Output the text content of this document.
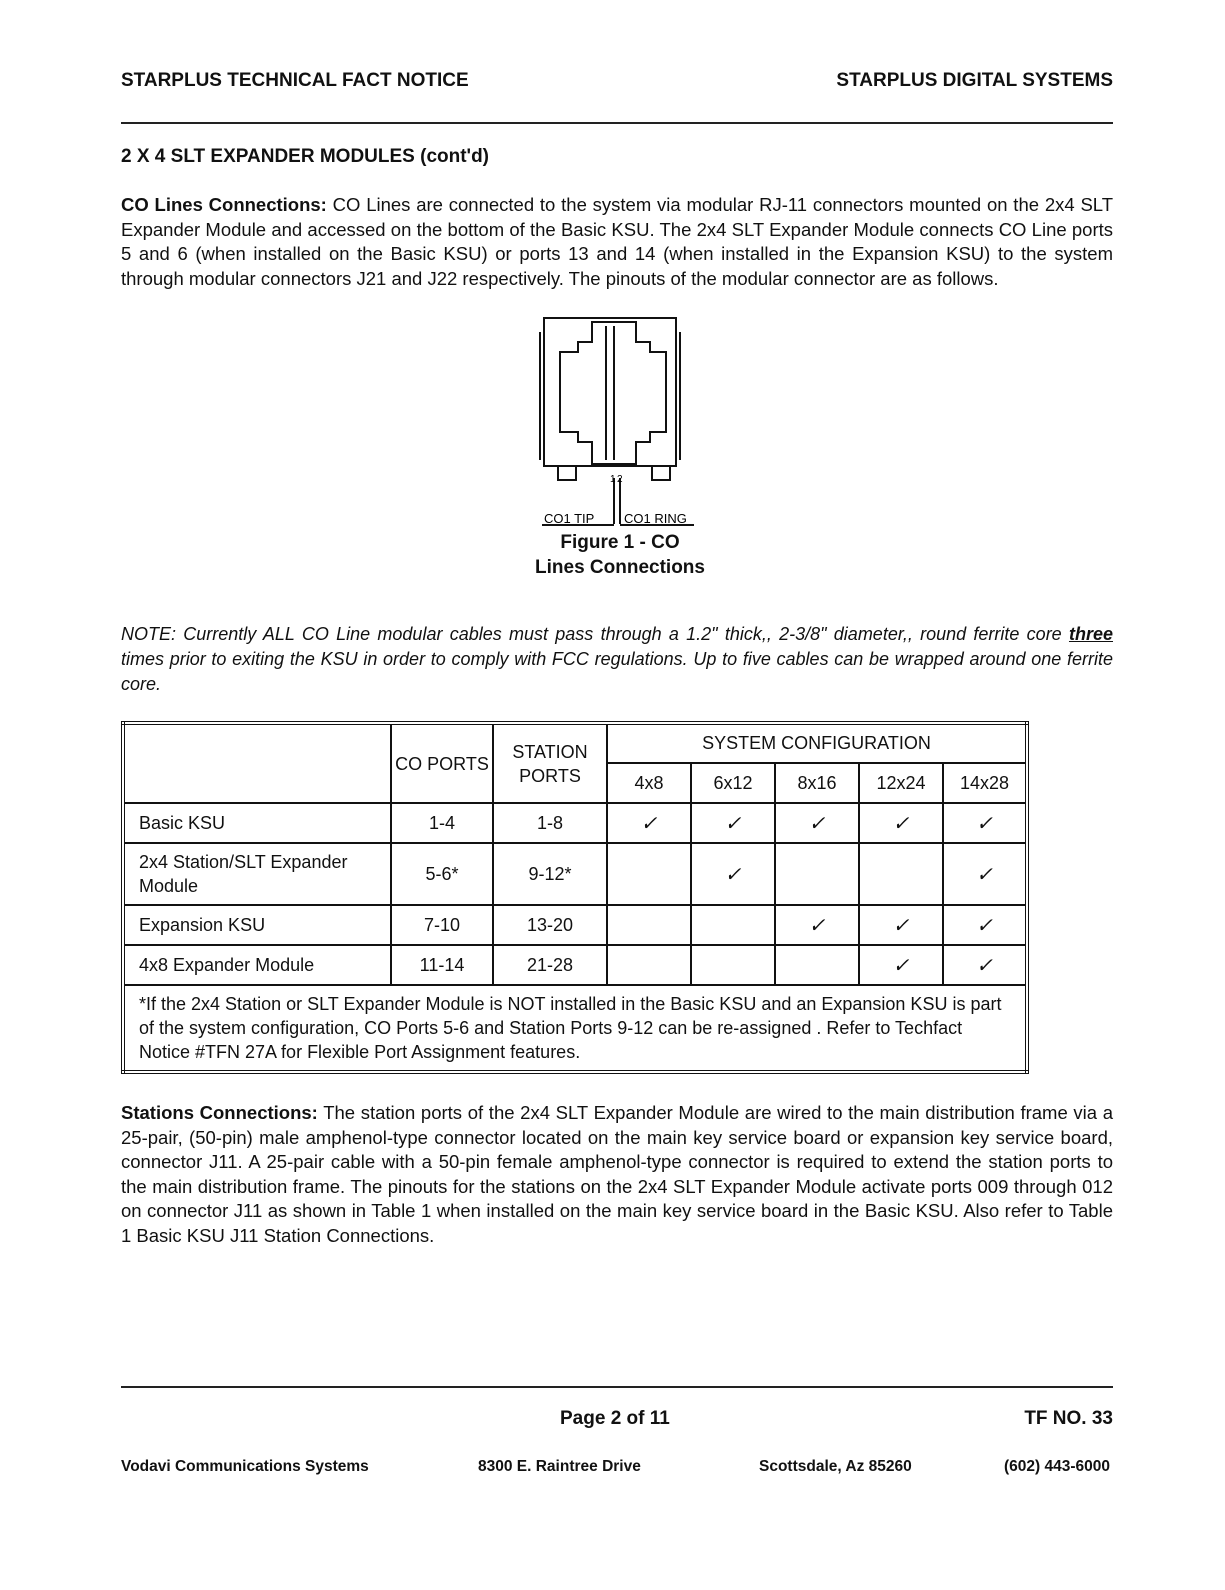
STARPLUS TECHNICAL FACT NOTICE	STARPLUS DIGITAL SYSTEMS
2 X 4 SLT EXPANDER MODULES (cont'd)
CO Lines Connections: CO Lines are connected to the system via modular RJ-11 connectors mounted on the 2x4 SLT Expander Module and accessed on the bottom of the Basic KSU. The 2x4 SLT Expander Module connects CO Line ports 5 and 6 (when installed on the Basic KSU) or ports 13 and 14 (when installed in the Expansion KSU) to the system through modular connectors J21 and J22 respectively. The pinouts of the modular connector are as follows.
1 2
CO1 TIP CO1 RING
Figure 1 - CO
Lines Connections
NOTE: Currently ALL CO Line modular cables must pass through a 1.2" thick,, 2-3/8" diameter,, round ferrite core three times prior to exiting the KSU in order to comply with FCC regulations. Up to five cables can be wrapped around one ferrite core.
	CO PORTS	STATION PORTS	SYSTEM CONFIGURATION				
			4x8	6x12	8x16	12x24	14x28
Basic KSU	1-4	1-8	✓	✓	✓	✓	✓
2x4 Station/SLT Expander Module	5-6*	9-12*		✓			✓
Expansion KSU	7-10	13-20			✓	✓	✓
4x8 Expander Module	11-14	21-28				✓	✓
*If the 2x4 Station or SLT Expander Module is NOT installed in the Basic KSU and an Expansion KSU is part of the system configuration, CO Ports 5-6 and Station Ports 9-12 can be re-assigned . Refer to Techfact Notice #TFN 27A for Flexible Port Assignment features.							
Stations Connections: The station ports of the 2x4 SLT Expander Module are wired to the main distribution frame via a 25-pair, (50-pin) male amphenol-type connector located on the main key service board or expansion key service board, connector J11. A 25-pair cable with a 50-pin female amphenol-type connector is required to extend the station ports to the main distribution frame. The pinouts for the stations on the 2x4 SLT Expander Module activate ports 009 through 012 on connector J11 as shown in Table 1 when installed on the main key service board in the Basic KSU. Also refer to Table 1 Basic KSU J11 Station Connections.
Page 2 of 11	TF NO. 33
Vodavi Communications Systems	8300 E. Raintree Drive	Scottsdale, Az 85260	(602) 443-6000
